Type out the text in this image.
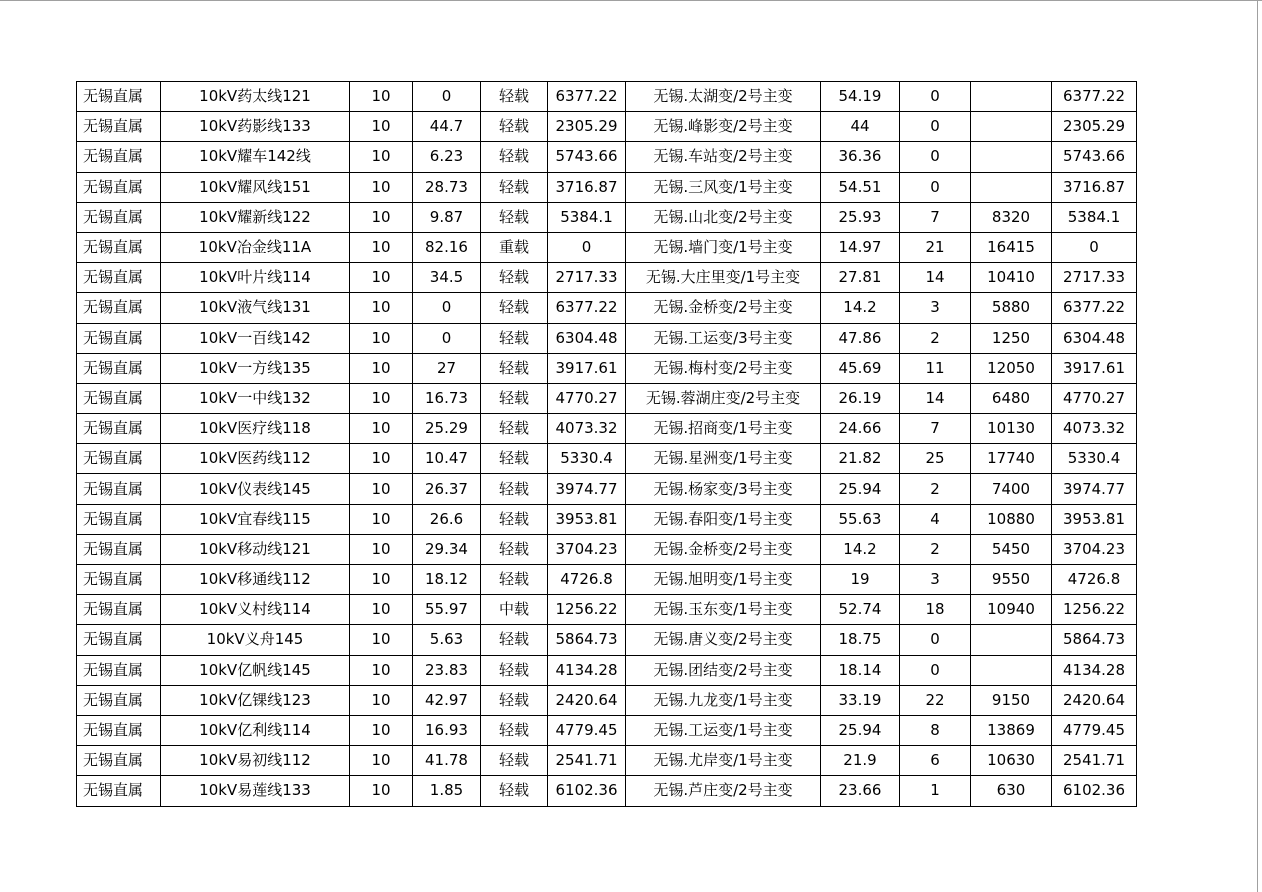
无锡直属	10kV药太线121	10	0	轻载	6377.22	无锡.太湖变/2号主变	54.19	0		6377.22
无锡直属	10kV药影线133	10	44.7	轻载	2305.29	无锡.峰影变/2号主变	44	0		2305.29
无锡直属	10kV耀车142线	10	6.23	轻载	5743.66	无锡.车站变/2号主变	36.36	0		5743.66
无锡直属	10kV耀风线151	10	28.73	轻载	3716.87	无锡.三风变/1号主变	54.51	0		3716.87
无锡直属	10kV耀新线122	10	9.87	轻载	5384.1	无锡.山北变/2号主变	25.93	7	8320	5384.1
无锡直属	10kV冶金线11A	10	82.16	重载	0	无锡.墙门变/1号主变	14.97	21	16415	0
无锡直属	10kV叶片线114	10	34.5	轻载	2717.33	无锡.大庄里变/1号主变	27.81	14	10410	2717.33
无锡直属	10kV液气线131	10	0	轻载	6377.22	无锡.金桥变/2号主变	14.2	3	5880	6377.22
无锡直属	10kV一百线142	10	0	轻载	6304.48	无锡.工运变/3号主变	47.86	2	1250	6304.48
无锡直属	10kV一方线135	10	27	轻载	3917.61	无锡.梅村变/2号主变	45.69	11	12050	3917.61
无锡直属	10kV一中线132	10	16.73	轻载	4770.27	无锡.蓉湖庄变/2号主变	26.19	14	6480	4770.27
无锡直属	10kV医疗线118	10	25.29	轻载	4073.32	无锡.招商变/1号主变	24.66	7	10130	4073.32
无锡直属	10kV医药线112	10	10.47	轻载	5330.4	无锡.星洲变/1号主变	21.82	25	17740	5330.4
无锡直属	10kV仪表线145	10	26.37	轻载	3974.77	无锡.杨家变/3号主变	25.94	2	7400	3974.77
无锡直属	10kV宜春线115	10	26.6	轻载	3953.81	无锡.春阳变/1号主变	55.63	4	10880	3953.81
无锡直属	10kV移动线121	10	29.34	轻载	3704.23	无锡.金桥变/2号主变	14.2	2	5450	3704.23
无锡直属	10kV移通线112	10	18.12	轻载	4726.8	无锡.旭明变/1号主变	19	3	9550	4726.8
无锡直属	10kV义村线114	10	55.97	中载	1256.22	无锡.玉东变/1号主变	52.74	18	10940	1256.22
无锡直属	10kV义舟145	10	5.63	轻载	5864.73	无锡.唐义变/2号主变	18.75	0		5864.73
无锡直属	10kV亿帆线145	10	23.83	轻载	4134.28	无锡.团结变/2号主变	18.14	0		4134.28
无锡直属	10kV亿锞线123	10	42.97	轻载	2420.64	无锡.九龙变/1号主变	33.19	22	9150	2420.64
无锡直属	10kV亿利线114	10	16.93	轻载	4779.45	无锡.工运变/1号主变	25.94	8	13869	4779.45
无锡直属	10kV易初线112	10	41.78	轻载	2541.71	无锡.尤岸变/1号主变	21.9	6	10630	2541.71
无锡直属	10kV易莲线133	10	1.85	轻载	6102.36	无锡.芦庄变/2号主变	23.66	1	630	6102.36
